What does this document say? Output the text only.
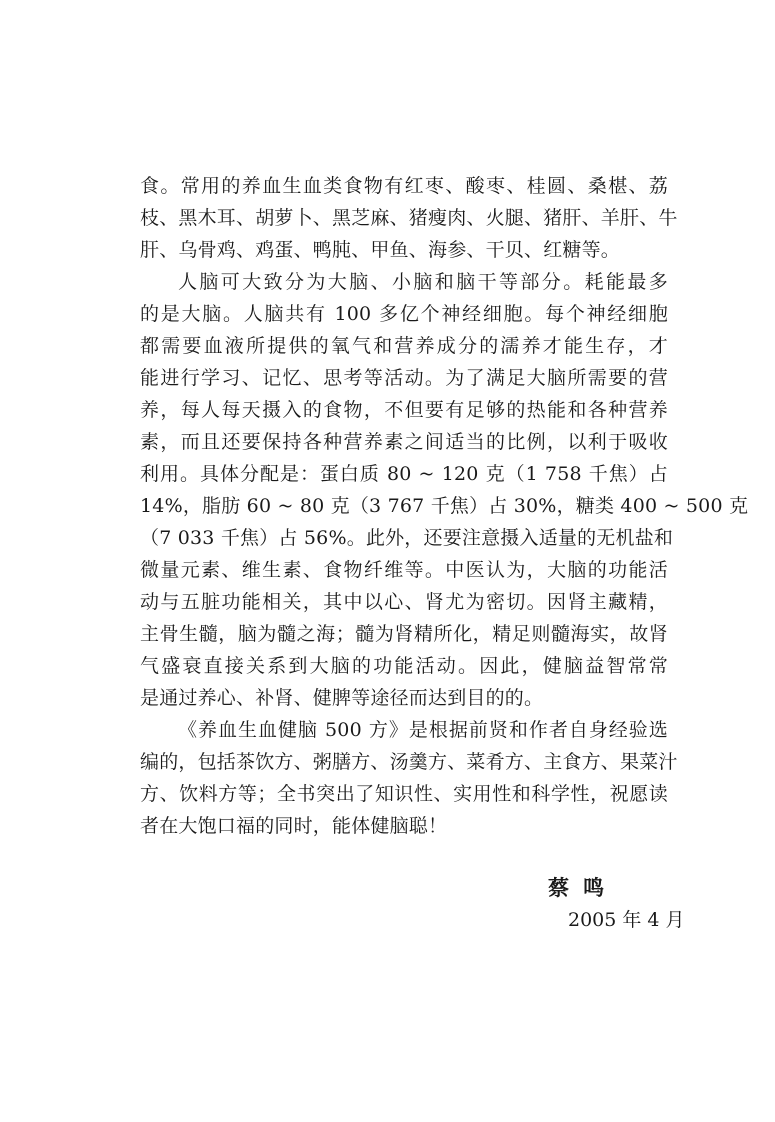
食。常用的养血生血类食物有红枣、酸枣、桂圆、桑椹、荔
枝、黑木耳、胡萝卜、黑芝麻、猪瘦肉、火腿、猪肝、羊肝、牛
肝、乌骨鸡、鸡蛋、鸭肫、甲鱼、海参、干贝、红糖等。
人脑可大致分为大脑、小脑和脑干等部分。耗能最多
的是大脑。人脑共有 100 多亿个神经细胞。每个神经细胞
都需要血液所提供的氧气和营养成分的濡养才能生存，才
能进行学习、记忆、思考等活动。为了满足大脑所需要的营
养，每人每天摄入的食物，不但要有足够的热能和各种营养
素，而且还要保持各种营养素之间适当的比例，以利于吸收
利用。具体分配是：蛋白质 80 ~ 120 克（1 758 千焦）占
14%，脂肪 60 ~ 80 克（3 767 千焦）占 30%，糖类 400 ~ 500 克
（7 033 千焦）占 56%。此外，还要注意摄入适量的无机盐和
微量元素、维生素、食物纤维等。中医认为，大脑的功能活
动与五脏功能相关，其中以心、肾尤为密切。因肾主藏精，
主骨生髓，脑为髓之海；髓为肾精所化，精足则髓海实，故肾
气盛衰直接关系到大脑的功能活动。因此，健脑益智常常
是通过养心、补肾、健脾等途径而达到目的的。
《养血生血健脑 500 方》是根据前贤和作者自身经验选
编的，包括茶饮方、粥膳方、汤羹方、菜肴方、主食方、果菜汁
方、饮料方等；全书突出了知识性、实用性和科学性，祝愿读
者在大饱口福的同时，能体健脑聪！
蔡鸣
2005 年 4 月
